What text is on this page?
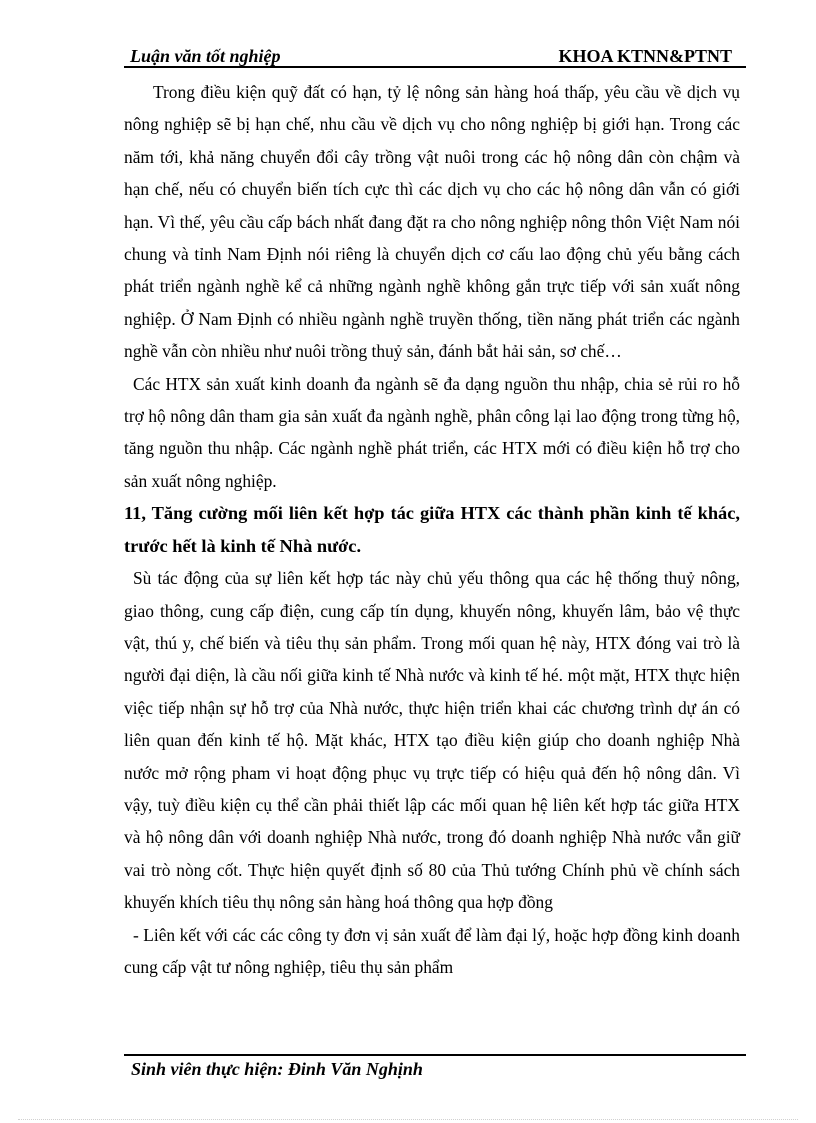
Luận văn tốt nghiệp	KHOA KTNN&PTNT

Trong điều kiện quỹ đất có hạn, tỷ lệ nông sản hàng hoá thấp, yêu cầu về dịch vụ nông nghiệp sẽ bị hạn chế, nhu cầu về dịch vụ cho nông nghiệp bị giới hạn. Trong các năm tới, khả năng chuyển đổi cây trồng vật nuôi trong các hộ nông dân còn chậm và hạn chế, nếu có chuyển biến tích cực thì các dịch vụ cho các hộ nông dân vẫn có giới hạn. Vì thế, yêu cầu cấp bách nhất đang đặt ra cho nông nghiệp nông thôn Việt Nam nói chung và tỉnh Nam Định nói riêng là chuyển dịch cơ cấu lao động chủ yếu bằng cách phát triển ngành nghề kể cả những ngành nghề không gắn trực tiếp với sản xuất nông nghiệp. Ở Nam Định có nhiều ngành nghề truyền thống, tiền năng phát triển các ngành nghề vẫn còn nhiều như nuôi trồng thuỷ sản, đánh bắt hải sản, sơ chế…

Các HTX sản xuất kinh doanh đa ngành sẽ đa dạng nguồn thu nhập, chia sẻ rủi ro hỗ trợ hộ nông dân tham gia sản xuất đa ngành nghề, phân công lại lao động trong từng hộ, tăng nguồn thu nhập. Các ngành nghề phát triển, các HTX mới có điều kiện hỗ trợ cho sản xuất nông nghiệp.

11, Tăng cường mối liên kết hợp tác giữa HTX các thành phần kinh tế khác, trước hết là kinh tế Nhà nước.

Sù tác động của sự liên kết hợp tác này chủ yếu thông qua các hệ thống thuỷ nông, giao thông, cung cấp điện, cung cấp tín dụng, khuyến nông, khuyến lâm, bảo vệ thực vật, thú y, chế biến và tiêu thụ sản phẩm. Trong mối quan hệ này, HTX đóng vai trò là người đại diện, là cầu nối giữa kinh tế Nhà nước và kinh tế hé. một mặt, HTX thực hiện việc tiếp nhận sự hỗ trợ của Nhà nước, thực hiện triển khai các chương trình dự án có liên quan đến kinh tế hộ. Mặt khác, HTX tạo điều kiện giúp cho doanh nghiệp Nhà nước mở rộng pham vi hoạt động phục vụ trực tiếp có hiệu quả đến hộ nông dân. Vì vậy, tuỳ điều kiện cụ thể cần phải thiết lập các mối quan hệ liên kết hợp tác giữa HTX và hộ nông dân với doanh nghiệp Nhà nước, trong đó doanh nghiệp Nhà nước vẫn giữ vai trò nòng cốt. Thực hiện quyết định số 80 của Thủ tướng Chính phủ về chính sách khuyến khích tiêu thụ nông sản hàng hoá thông qua hợp đồng

- Liên kết với các các công ty đơn vị sản xuất để làm đại lý, hoặc hợp đồng kinh doanh cung cấp vật tư nông nghiệp, tiêu thụ sản phẩm

Sinh viên thực hiện: Đinh Văn Nghịnh
